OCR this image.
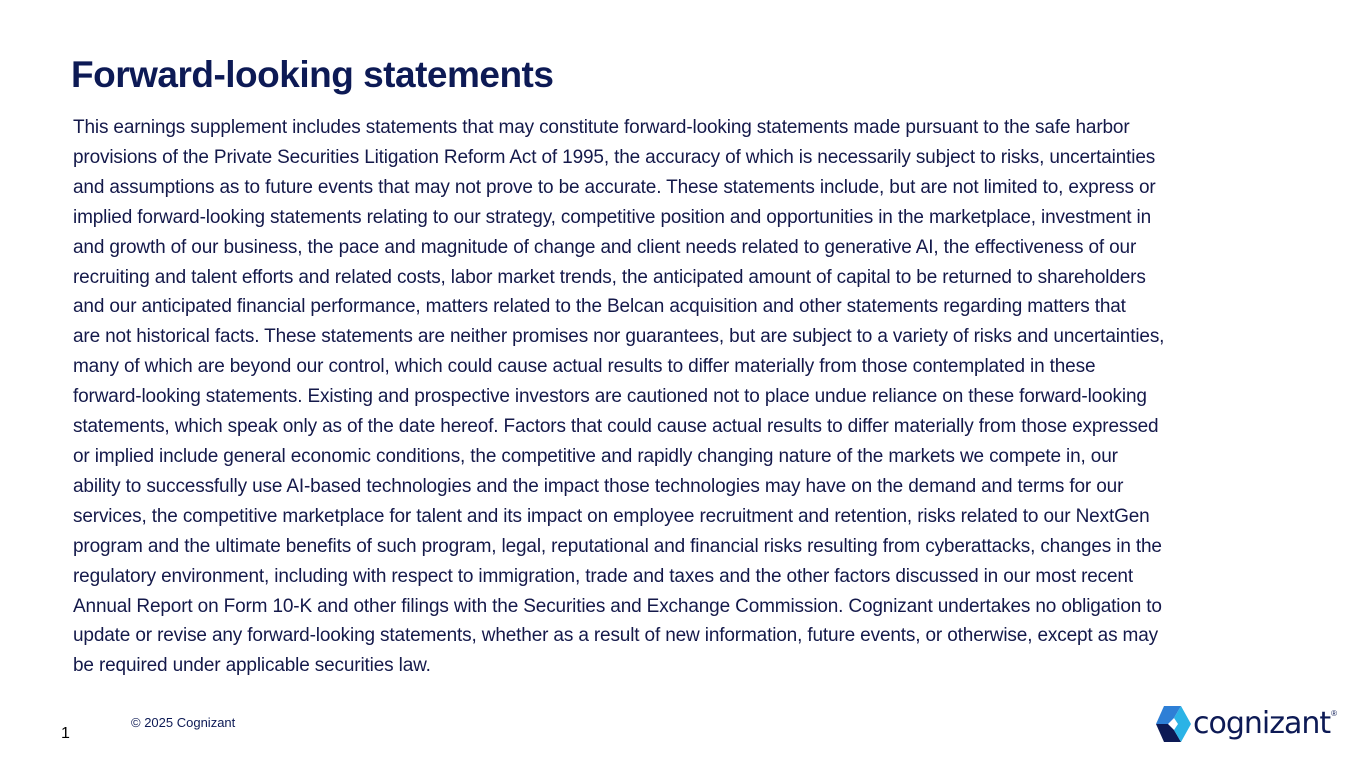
Forward-looking statements

This earnings supplement includes statements that may constitute forward-looking statements made pursuant to the safe harbor
provisions of the Private Securities Litigation Reform Act of 1995, the accuracy of which is necessarily subject to risks, uncertainties
and assumptions as to future events that may not prove to be accurate. These statements include, but are not limited to, express or
implied forward-looking statements relating to our strategy, competitive position and opportunities in the marketplace, investment in
and growth of our business, the pace and magnitude of change and client needs related to generative AI, the effectiveness of our
recruiting and talent efforts and related costs, labor market trends, the anticipated amount of capital to be returned to shareholders
and our anticipated financial performance, matters related to the Belcan acquisition and other statements regarding matters that
are not historical facts. These statements are neither promises nor guarantees, but are subject to a variety of risks and uncertainties,
many of which are beyond our control, which could cause actual results to differ materially from those contemplated in these
forward-looking statements. Existing and prospective investors are cautioned not to place undue reliance on these forward-looking
statements, which speak only as of the date hereof. Factors that could cause actual results to differ materially from those expressed
or implied include general economic conditions, the competitive and rapidly changing nature of the markets we compete in, our
ability to successfully use AI-based technologies and the impact those technologies may have on the demand and terms for our
services, the competitive marketplace for talent and its impact on employee recruitment and retention, risks related to our NextGen
program and the ultimate benefits of such program, legal, reputational and financial risks resulting from cyberattacks, changes in the
regulatory environment, including with respect to immigration, trade and taxes and the other factors discussed in our most recent
Annual Report on Form 10-K and other filings with the Securities and Exchange Commission. Cognizant undertakes no obligation to
update or revise any forward-looking statements, whether as a result of new information, future events, or otherwise, except as may
be required under applicable securities law.

1
© 2025 Cognizant	cognizant ®
